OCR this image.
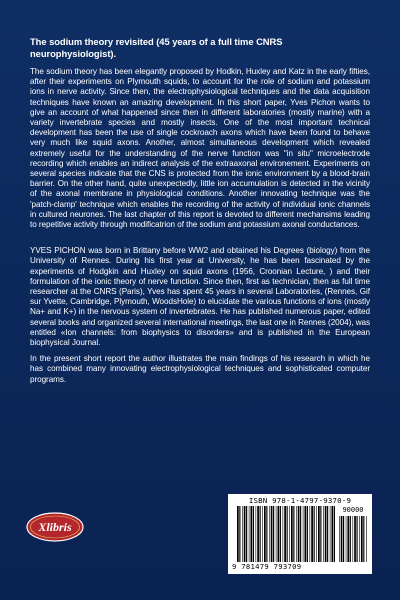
The sodium theory revisited (45 years of a full time CNRS neurophysiologist).

The sodium theory has been elegantly proposed by Hodkin, Huxley and Katz in the early fifties, after their experiments on Plymouth squids, to account for the role of sodium and potassium ions in nerve activity. Since then, the electrophysiological techniques and the data acquisition techniques have known an amazing development. In this short paper, Yves Pichon wants to give an account of what happened since then in different laboratories (mostly marine) with a variety invertebrate species and mostly insects. One of the most important technical development has been the use of single cockroach axons which have been found to behave very much like squid axons. Another, almost simultaneous development which revealed extremely useful for the understanding of the nerve function was "in situ" microelectrode recording which enables an indirect analysis of the extraaxonal environement. Experiments on several species indicate that the CNS is protected from the ionic environment by a blood-brain barrier. On the other hand, quite unexpectedly, little ion accumulation is detected in the vicinity of the axonal membrane in physiological conditions. Another innovating technique was the 'patch-clamp' technique which enables the recording of the activity of individual ionic channels in cultured neurones. The last chapter of this report is devoted to different mechansims leading to repetitive activity through modificatrion of the sodium and potassium axonal conductances.

YVES PICHON was born in Brittany before WW2 and obtained his Degrees (biology) from the University of Rennes. During his first year at University, he has been fascinated by the experiments of Hodgkin and Huxley on squid axons (1956, Croonian Lecture, ) and their formulation of the ionic theory of nerve function. Since then, first as technician, then as full time researcher at the CNRS (Paris), Yves has spent 45 years in several Laboratories, (Rennes, Gif sur Yvette, Cambridge, Plymouth, WoodsHole) to elucidate the various functions of ions (mostly Na+ and K+) in the nervous system of invertebrates. He has published numerous paper, edited several books and organized several international meetings, the last one in Rennes (2004), was entitled «Ion channels: from biophysics to disorders» and is published in the European biophysical Journal.

In the present short report the author illustrates the main findings of his research in which he has combined many innovating electrophysiological techniques and sophisticated computer programs.

Xlibris
ISBN 978-1-4797-9370-9
90000
9 781479 793709
